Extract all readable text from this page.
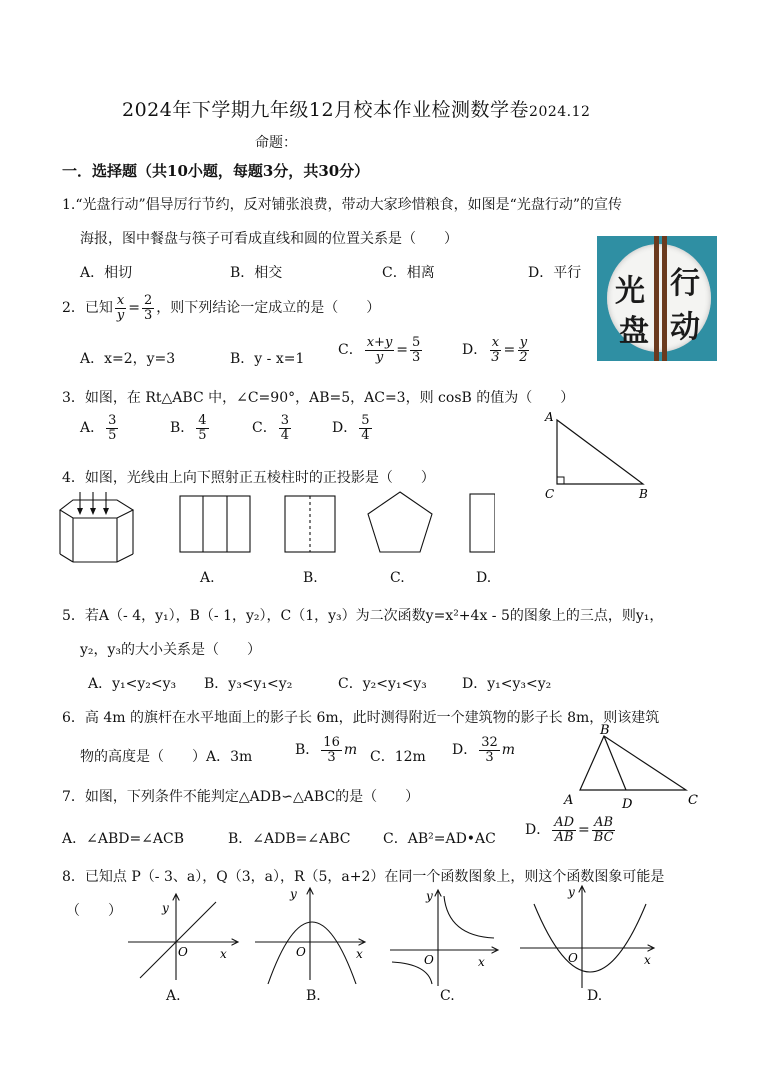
2024年下学期九年级12月校本作业检测数学卷2024.12
命题：
一．选择题（共10小题，每题3分，共30分）
1.“光盘行动”倡导厉行节约，反对铺张浪费，带动大家珍惜粮食，如图是“光盘行动”的宣传
海报，图中餐盘与筷子可看成直线和圆的位置关系是（　　）
A．相切	B．相交	C．相离	D．平行
光 行
盘 动
2．已知 $\frac{x}{y} = \frac{2}{3}$ ，则下列结论一定成立的是（　　）
A．x=2，y=3	B．y - x=1
C． $\frac{x+y}{y} = \frac{5}{3}$	D． $\frac{x}{3} = \frac{y}{2}$
3．如图，在 Rt△ABC 中，∠C=90°，AB=5，AC=3，则 cosB 的值为（　　）
A． $\frac{3}{5}$	B． $\frac{4}{5}$	C． $\frac{3}{4}$	D． $\frac{5}{4}$	A
C	B
4．如图，光线由上向下照射正五棱柱时的正投影是（　　）
A.	B.	C.	D.
5．若A（- 4，y₁），B（- 1，y₂），C（1，y₃）为二次函数y=x²+4x - 5的图象上的三点，则y₁，
y₂，y₃的大小关系是（　　）
A．y₁<y₂<y₃ B．y₃<y₁<y₂	C．y₂<y₁<y₃	D．y₁<y₃<y₂
6．高 4m 的旗杆在水平地面上的影子长 6m，此时测得附近一个建筑物的影子长 8m，则该建筑
物的高度是（　　）A．3m	B． $\frac{16}{3}$ m C．12m D． $\frac{32}{3}$ m
B
A	D	C
7．如图，下列条件不能判定△ADB∽△ABC的是（　　）
A．∠ABD=∠ACB	B．∠ADB=∠ABC C．AB²=AD•AC
D． $\frac{AD}{AB} = \frac{AB}{BC}$
8．已知点 P（- 3、a），Q（3，a），R（5，a+2）在同一个函数图象上，则这个函数图象可能是
（　　）	y
x
O
y
x
O
y
x
O
y
x
O
A.	B.	C.	D.
